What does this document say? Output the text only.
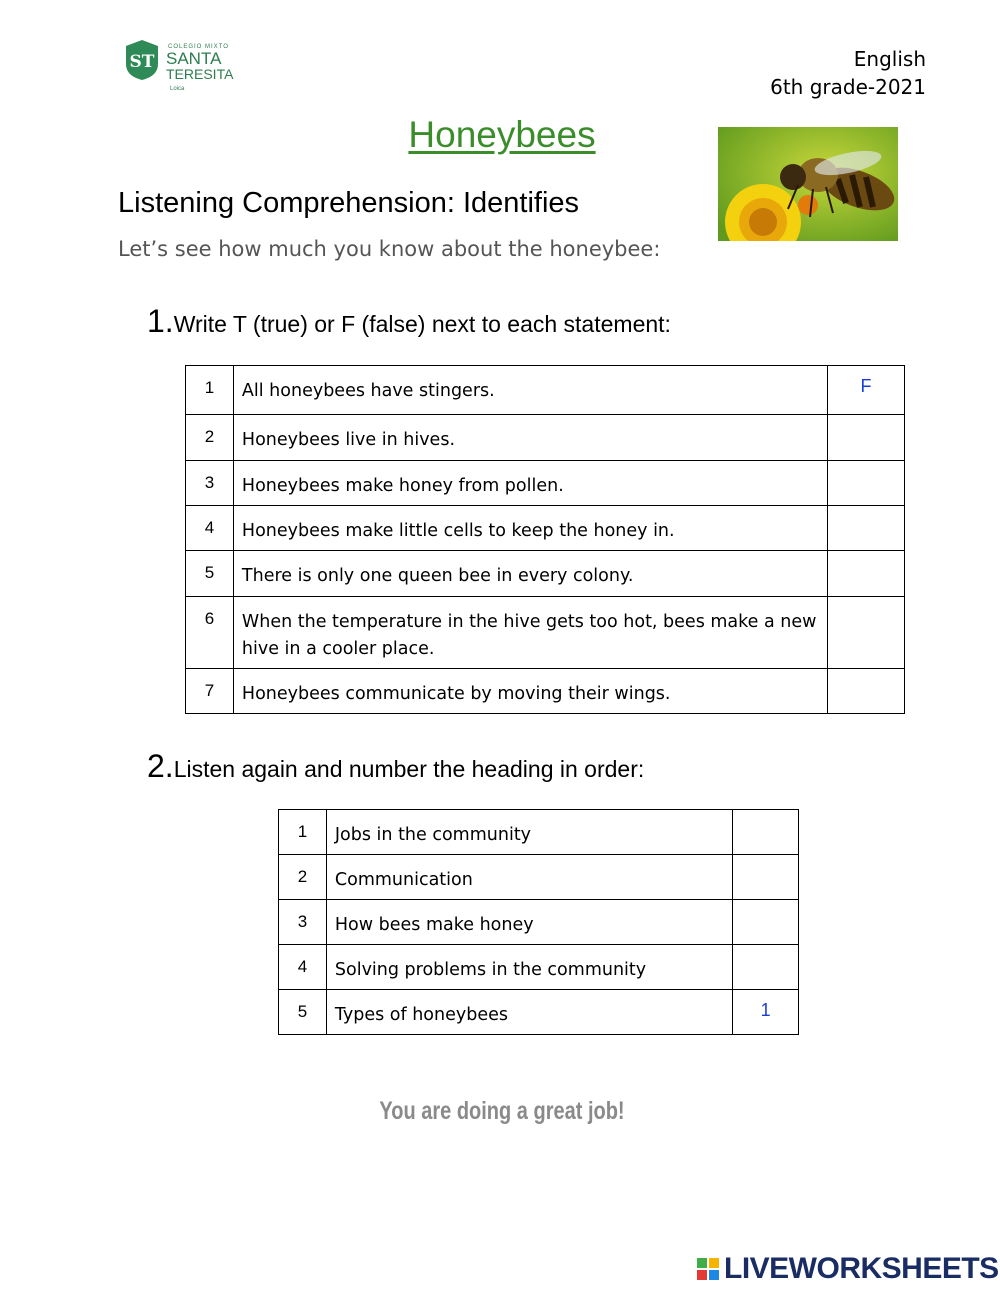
ST
COLEGIO MIXTO
SANTA
TERESITA
Loica
English
6th grade-2021
Honeybees
Listening Comprehension: Identifies
Let’s see how much you know about the honeybee:
1.Write T (true) or F (false) next to each statement:
1	All honeybees have stingers.	F
2	Honeybees live in hives.	
3	Honeybees make honey from pollen.	
4	Honeybees make little cells to keep the honey in.	
5	There is only one queen bee in every colony.	
6	When the temperature in the hive gets too hot, bees make a new hive in a cooler place.	
7	Honeybees communicate by moving their wings.	
2.Listen again and number the heading in order:
1	Jobs in the community	
2	Communication	
3	How bees make honey	
4	Solving problems in the community	
5	Types of honeybees	1
You are doing a great job!
LIVEWORKSHEETS
